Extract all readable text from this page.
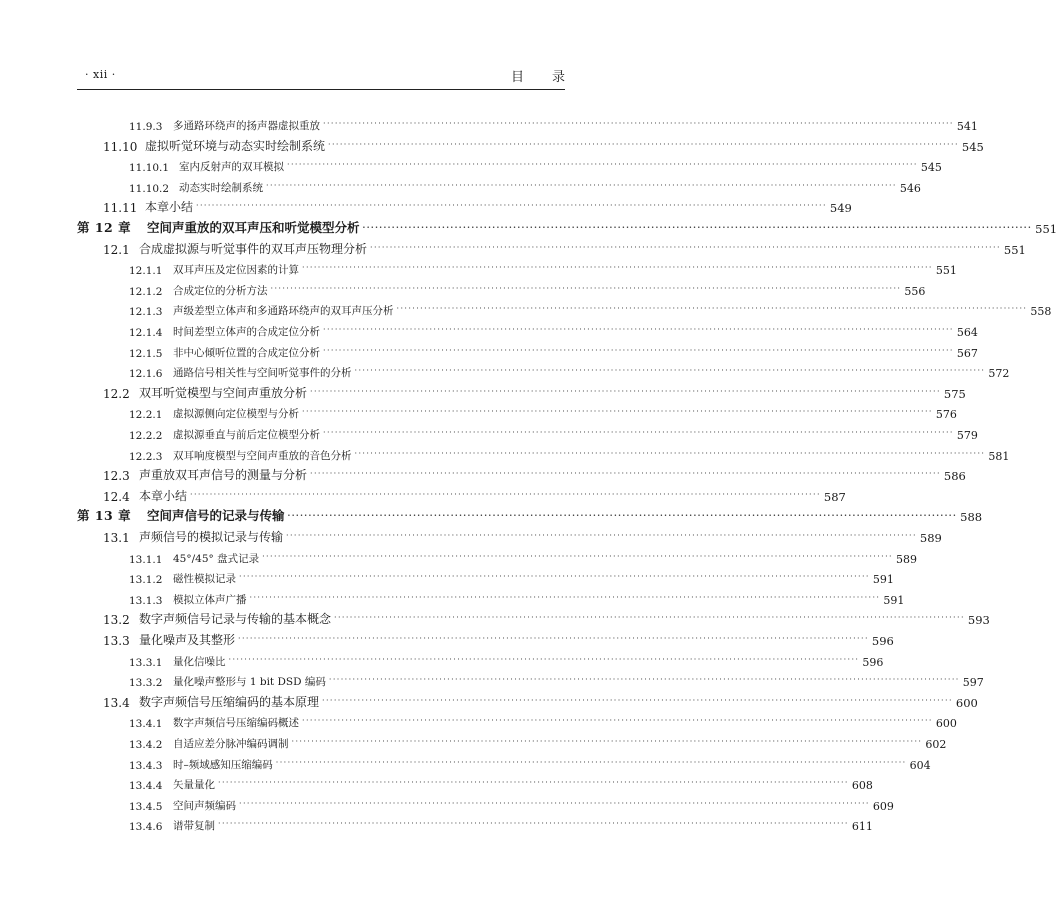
· xii ·	目录
11.9.3	多通路环绕声的扬声器虚拟重放 ································································································································································ 541
11.10 虚拟听觉环境与动态实时绘制系统 ································································································································································ 545
11.10.1 室内反射声的双耳模拟 ································································································································································ 545
11.10.2 动态实时绘制系统 ································································································································································ 546
11.11 本章小结 ································································································································································ 549
第 12 章	空间声重放的双耳声压和听觉模型分析 ································································································································································ 551
12.1 合成虚拟源与听觉事件的双耳声压物理分析 ································································································································································ 551
12.1.1	双耳声压及定位因素的计算 ································································································································································ 551
12.1.2	合成定位的分析方法 ································································································································································ 556
12.1.3	声级差型立体声和多通路环绕声的双耳声压分析 ································································································································································ 558
12.1.4	时间差型立体声的合成定位分析 ································································································································································ 564
12.1.5	非中心倾听位置的合成定位分析 ································································································································································ 567
12.1.6	通路信号相关性与空间听觉事件的分析 ································································································································································ 572
12.2 双耳听觉模型与空间声重放分析 ································································································································································ 575
12.2.1	虚拟源侧向定位模型与分析 ································································································································································ 576
12.2.2	虚拟源垂直与前后定位模型分析 ································································································································································ 579
12.2.3	双耳响度模型与空间声重放的音色分析 ································································································································································ 581
12.3 声重放双耳声信号的测量与分析 ································································································································································ 586
12.4 本章小结 ································································································································································ 587
第 13 章	空间声信号的记录与传输 ································································································································································ 588
13.1 声频信号的模拟记录与传输 ································································································································································ 589
13.1.1	45°/45° 盘式记录 ································································································································································ 589
13.1.2	磁性模拟记录 ································································································································································ 591
13.1.3	模拟立体声广播 ································································································································································ 591
13.2 数字声频信号记录与传输的基本概念 ································································································································································ 593
13.3 量化噪声及其整形 ································································································································································ 596
13.3.1	量化信噪比 ································································································································································ 596
13.3.2	量化噪声整形与 1 bit DSD 编码 ································································································································································ 597
13.4 数字声频信号压缩编码的基本原理 ································································································································································ 600
13.4.1	数字声频信号压缩编码概述 ································································································································································ 600
13.4.2	自适应差分脉冲编码调制 ································································································································································ 602
13.4.3	时–频域感知压缩编码 ································································································································································ 604
13.4.4	矢量量化 ································································································································································ 608
13.4.5	空间声频编码 ································································································································································ 609
13.4.6	谱带复制 ································································································································································ 611
